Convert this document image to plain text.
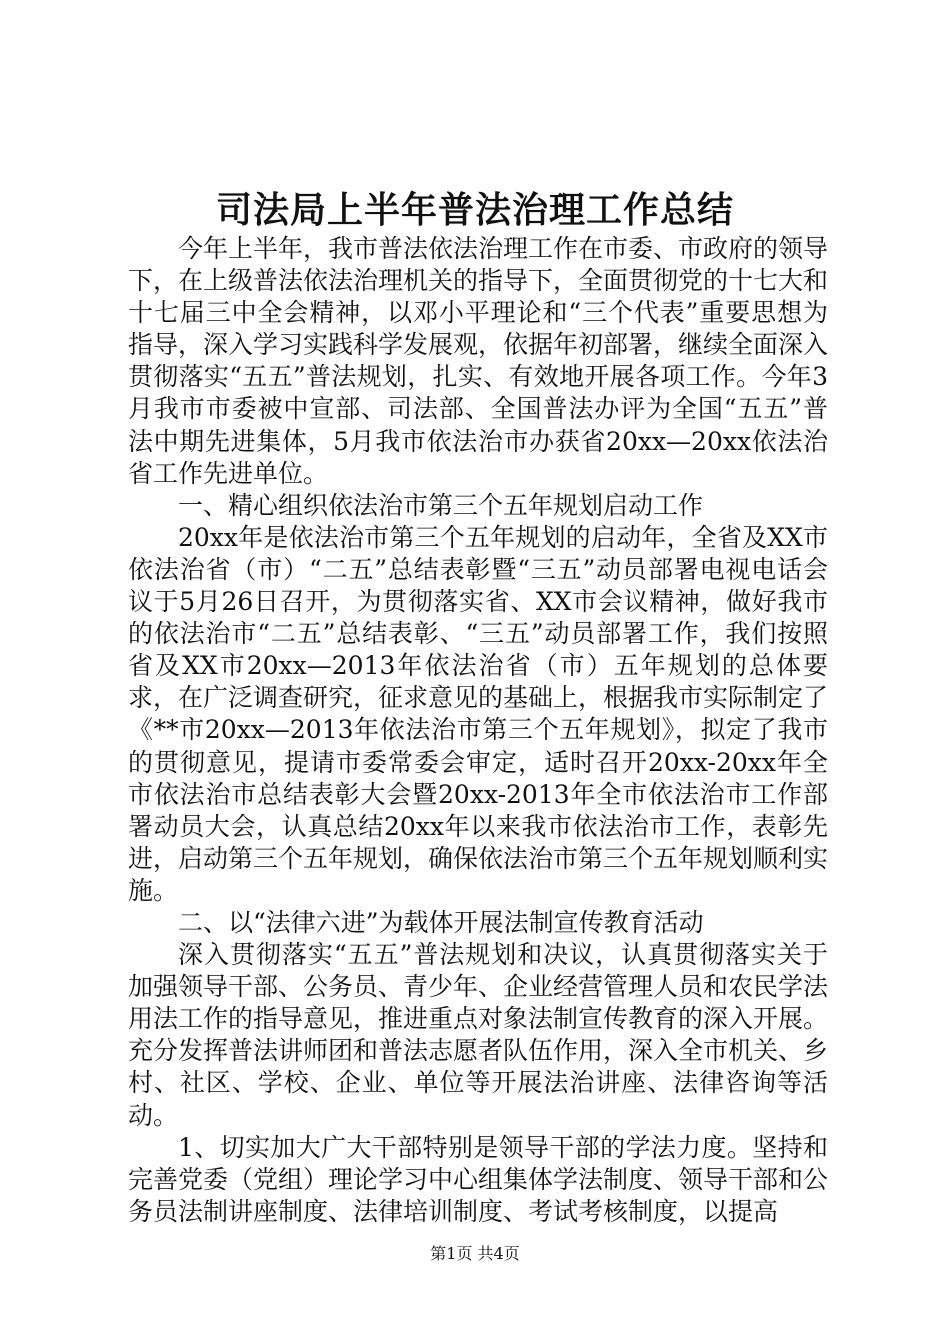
司法局上半年普法治理工作总结

今年上半年，我市普法依法治理工作在市委、市政府的领导下，在上级普法依法治理机关的指导下，全面贯彻党的十七大和十七届三中全会精神，以邓小平理论和“三个代表”重要思想为指导，深入学习实践科学发展观，依据年初部署，继续全面深入贯彻落实“五五”普法规划，扎实、有效地开展各项工作。今年3月我市市委被中宣部、司法部、全国普法办评为全国“五五”普法中期先进集体，5月我市依法治市办获省20xx—20xx依法治省工作先进单位。

一、精心组织依法治市第三个五年规划启动工作

20xx年是依法治市第三个五年规划的启动年，全省及XX市依法治省（市）“二五”总结表彰暨“三五”动员部署电视电话会议于5月26日召开，为贯彻落实省、XX市会议精神，做好我市的依法治市“二五”总结表彰、“三五”动员部署工作，我们按照省及XX市20xx—2013年依法治省（市）五年规划的总体要求，在广泛调查研究，征求意见的基础上，根据我市实际制定了《**市20xx—2013年依法治市第三个五年规划》，拟定了我市的贯彻意见，提请市委常委会审定，适时召开20xx-20xx年全市依法治市总结表彰大会暨20xx-2013年全市依法治市工作部署动员大会，认真总结20xx年以来我市依法治市工作，表彰先进，启动第三个五年规划，确保依法治市第三个五年规划顺利实施。

二、以“法律六进”为载体开展法制宣传教育活动

深入贯彻落实“五五”普法规划和决议，认真贯彻落实关于加强领导干部、公务员、青少年、企业经营管理人员和农民学法用法工作的指导意见，推进重点对象法制宣传教育的深入开展。充分发挥普法讲师团和普法志愿者队伍作用，深入全市机关、乡村、社区、学校、企业、单位等开展法治讲座、法律咨询等活动。

1、切实加大广大干部特别是领导干部的学法力度。坚持和完善党委（党组）理论学习中心组集体学法制度、领导干部和公务员法制讲座制度、法律培训制度、考试考核制度，以提高

第1页 共4页
